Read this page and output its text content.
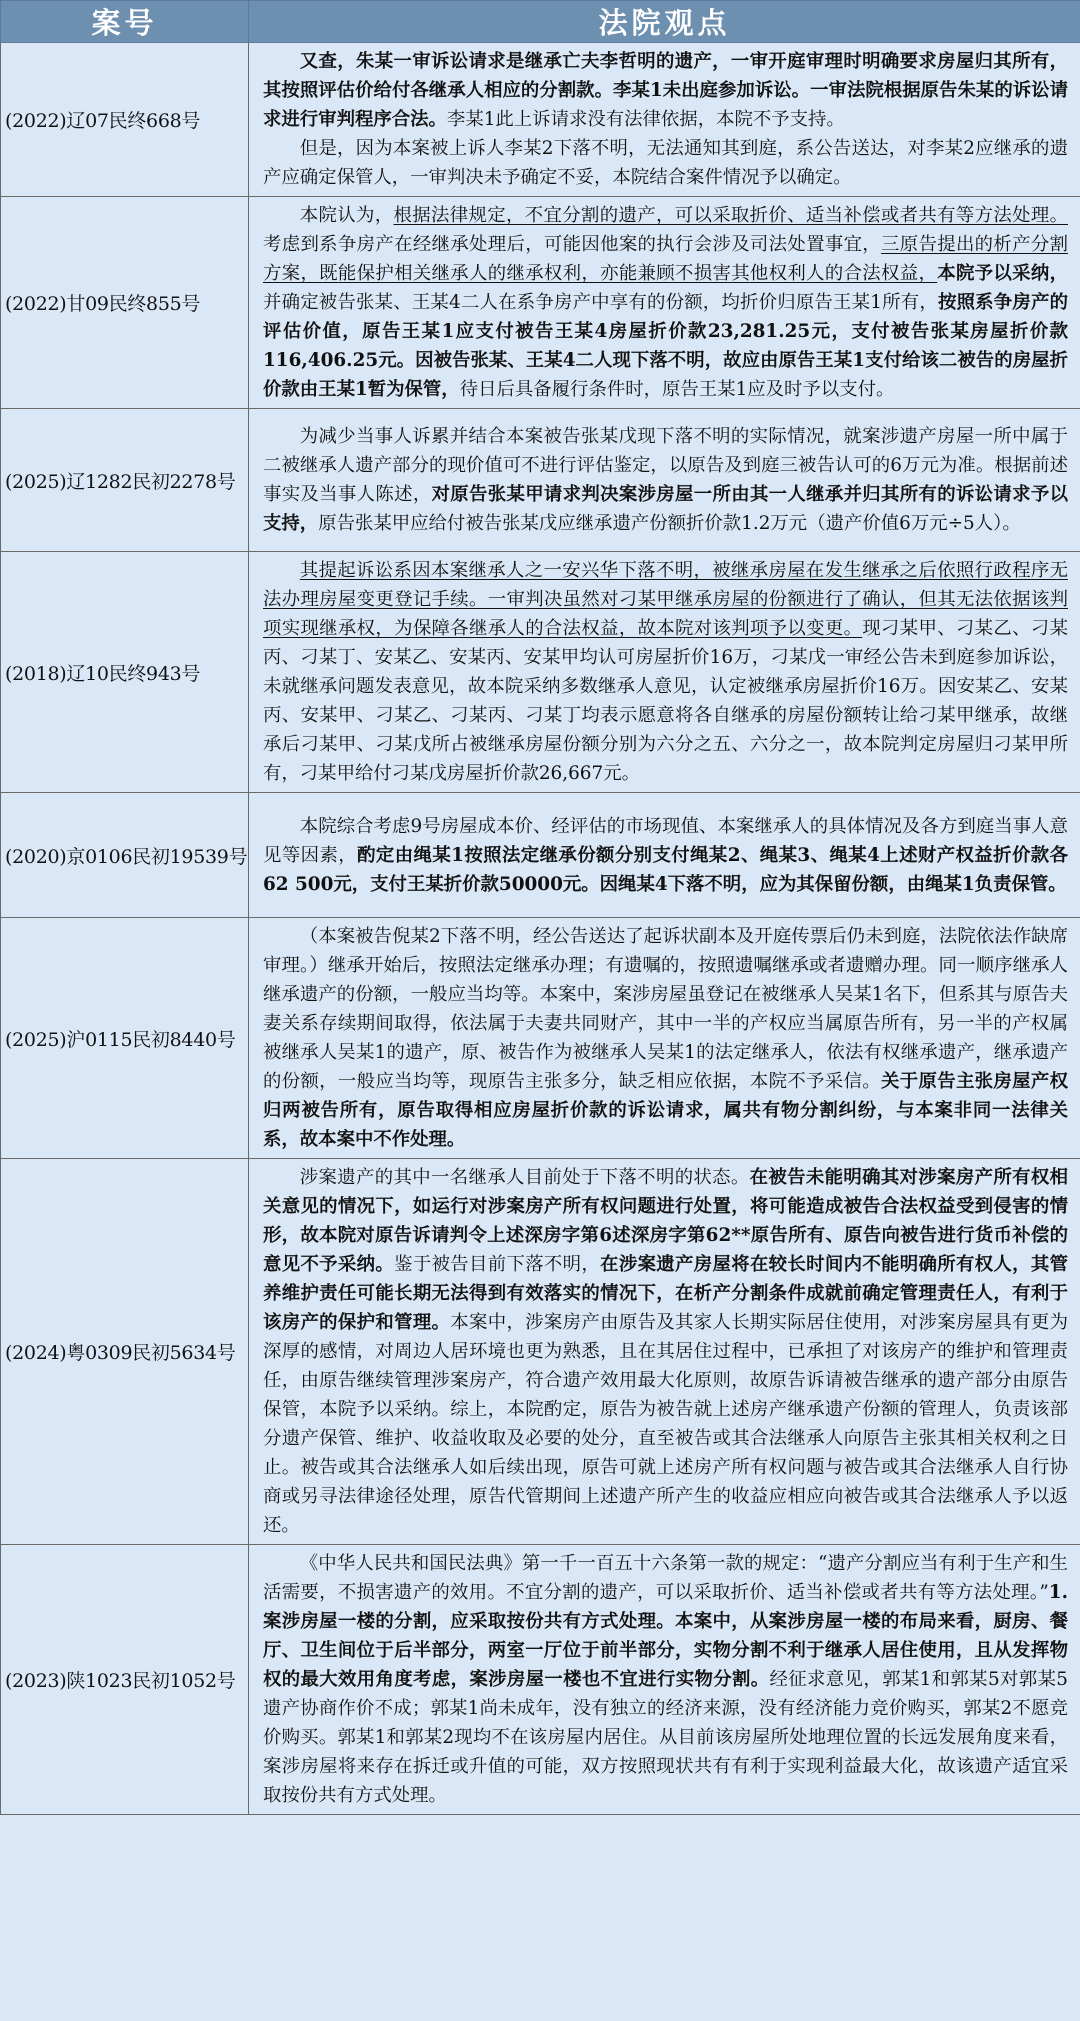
案号	法院观点
(2022)辽07民终668号	又查，朱某一审诉讼请求是继承亡夫李哲明的遗产，一审开庭审理时明确要求房屋归其所有，其按照评估价给付各继承人相应的分割款。李某1未出庭参加诉讼。一审法院根据原告朱某的诉讼请求进行审判程序合法。李某1此上诉请求没有法律依据，本院不予支持。

但是，因为本案被上诉人李某2下落不明，无法通知其到庭，系公告送达，对李某2应继承的遗产应确定保管人，一审判决未予确定不妥，本院结合案件情况予以确定。

(2022)甘09民终855号	本院认为，根据法律规定，不宜分割的遗产，可以采取折价、适当补偿或者共有等方法处理。考虑到系争房产在经继承处理后，可能因他案的执行会涉及司法处置事宜，三原告提出的析产分割方案，既能保护相关继承人的继承权利，亦能兼顾不损害其他权利人的合法权益，本院予以采纳，并确定被告张某、王某4二人在系争房产中享有的份额，均折价归原告王某1所有，按照系争房产的评估价值，原告王某1应支付被告王某4房屋折价款23,281.25元，支付被告张某房屋折价款116,406.25元。因被告张某、王某4二人现下落不明，故应由原告王某1支付给该二被告的房屋折价款由王某1暂为保管，待日后具备履行条件时，原告王某1应及时予以支付。

(2025)辽1282民初2278号	为减少当事人诉累并结合本案被告张某戊现下落不明的实际情况，就案涉遗产房屋一所中属于二被继承人遗产部分的现价值可不进行评估鉴定，以原告及到庭三被告认可的6万元为准。根据前述事实及当事人陈述，对原告张某甲请求判决案涉房屋一所由其一人继承并归其所有的诉讼请求予以支持，原告张某甲应给付被告张某戊应继承遗产份额折价款1.2万元（遗产价值6万元÷5人）。

(2018)辽10民终943号	其提起诉讼系因本案继承人之一安兴华下落不明，被继承房屋在发生继承之后依照行政程序无法办理房屋变更登记手续。一审判决虽然对刁某甲继承房屋的份额进行了确认，但其无法依据该判项实现继承权，为保障各继承人的合法权益，故本院对该判项予以变更。现刁某甲、刁某乙、刁某丙、刁某丁、安某乙、安某丙、安某甲均认可房屋折价16万，刁某戊一审经公告未到庭参加诉讼，未就继承问题发表意见，故本院采纳多数继承人意见，认定被继承房屋折价16万。因安某乙、安某丙、安某甲、刁某乙、刁某丙、刁某丁均表示愿意将各自继承的房屋份额转让给刁某甲继承，故继承后刁某甲、刁某戊所占被继承房屋份额分别为六分之五、六分之一，故本院判定房屋归刁某甲所有，刁某甲给付刁某戊房屋折价款26,667元。

(2020)京0106民初19539号	本院综合考虑9号房屋成本价、经评估的市场现值、本案继承人的具体情况及各方到庭当事人意见等因素，酌定由绳某1按照法定继承份额分别支付绳某2、绳某3、绳某4上述财产权益折价款各62 500元，支付王某折价款50000元。因绳某4下落不明，应为其保留份额，由绳某1负责保管。

(2025)沪0115民初8440号	（本案被告倪某2下落不明，经公告送达了起诉状副本及开庭传票后仍未到庭，法院依法作缺席审理。）继承开始后，按照法定继承办理；有遗嘱的，按照遗嘱继承或者遗赠办理。同一顺序继承人继承遗产的份额，一般应当均等。本案中，案涉房屋虽登记在被继承人吴某1名下，但系其与原告夫妻关系存续期间取得，依法属于夫妻共同财产，其中一半的产权应当属原告所有，另一半的产权属被继承人吴某1的遗产，原、被告作为被继承人吴某1的法定继承人，依法有权继承遗产，继承遗产的份额，一般应当均等，现原告主张多分，缺乏相应依据，本院不予采信。关于原告主张房屋产权归两被告所有，原告取得相应房屋折价款的诉讼请求，属共有物分割纠纷，与本案非同一法律关系，故本案中不作处理。

(2024)粤0309民初5634号	涉案遗产的其中一名继承人目前处于下落不明的状态。在被告未能明确其对涉案房产所有权相关意见的情况下，如运行对涉案房产所有权问题进行处置，将可能造成被告合法权益受到侵害的情形，故本院对原告诉请判令上述深房字第6述深房字第62**原告所有、原告向被告进行货币补偿的意见不予采纳。鉴于被告目前下落不明，在涉案遗产房屋将在较长时间内不能明确所有权人，其管养维护责任可能长期无法得到有效落实的情况下，在析产分割条件成就前确定管理责任人，有利于该房产的保护和管理。本案中，涉案房产由原告及其家人长期实际居住使用，对涉案房屋具有更为深厚的感情，对周边人居环境也更为熟悉，且在其居住过程中，已承担了对该房产的维护和管理责任，由原告继续管理涉案房产，符合遗产效用最大化原则，故原告诉请被告继承的遗产部分由原告保管，本院予以采纳。综上，本院酌定，原告为被告就上述房产继承遗产份额的管理人，负责该部分遗产保管、维护、收益收取及必要的处分，直至被告或其合法继承人向原告主张其相关权利之日止。被告或其合法继承人如后续出现，原告可就上述房产所有权问题与被告或其合法继承人自行协商或另寻法律途径处理，原告代管期间上述遗产所产生的收益应相应向被告或其合法继承人予以返还。

(2023)陕1023民初1052号	《中华人民共和国民法典》第一千一百五十六条第一款的规定：“遗产分割应当有利于生产和生活需要，不损害遗产的效用。不宜分割的遗产，可以采取折价、适当补偿或者共有等方法处理。”1.案涉房屋一楼的分割，应采取按份共有方式处理。本案中，从案涉房屋一楼的布局来看，厨房、餐厅、卫生间位于后半部分，两室一厅位于前半部分，实物分割不利于继承人居住使用，且从发挥物权的最大效用角度考虑，案涉房屋一楼也不宜进行实物分割。经征求意见，郭某1和郭某5对郭某5遗产协商作价不成；郭某1尚未成年，没有独立的经济来源，没有经济能力竞价购买，郭某2不愿竞价购买。郭某1和郭某2现均不在该房屋内居住。从目前该房屋所处地理位置的长远发展角度来看，案涉房屋将来存在拆迁或升值的可能，双方按照现状共有有利于实现利益最大化，故该遗产适宜采取按份共有方式处理。
